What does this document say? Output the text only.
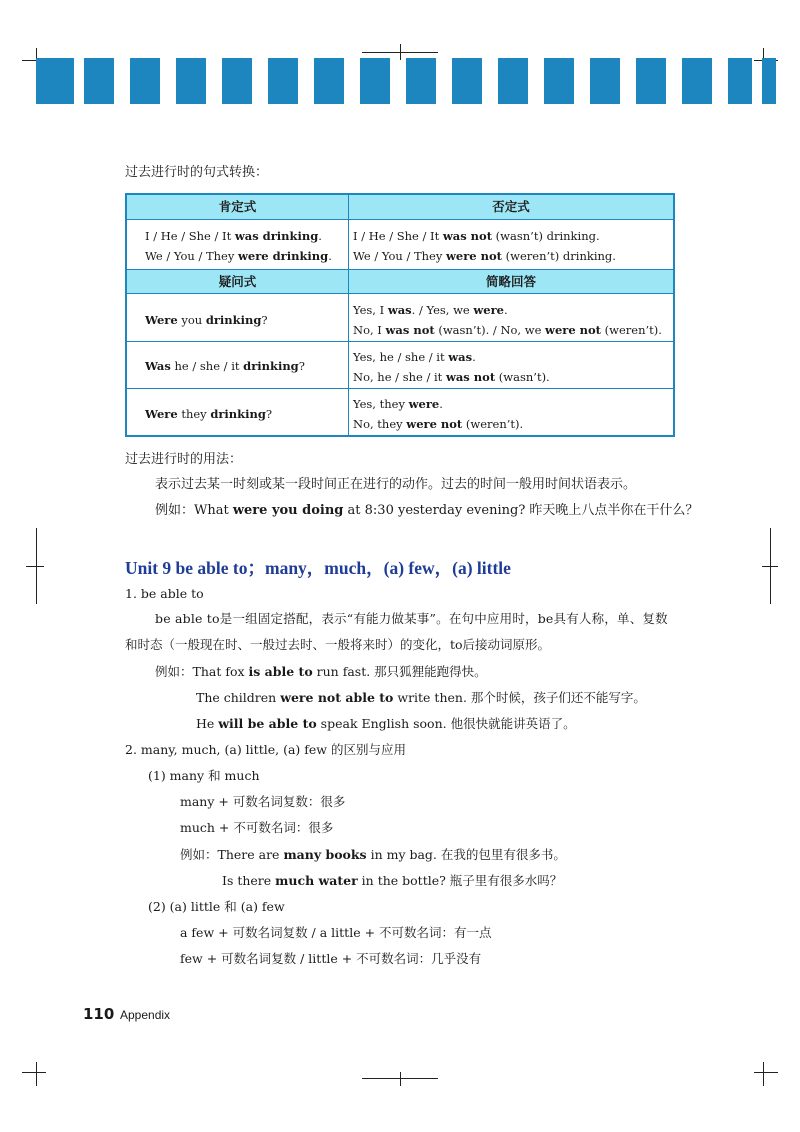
过去进行时的句式转换：
肯定式	否定式
疑问式	简略回答
I / He / She / It was drinking.
We / You / They were drinking.
I / He / She / It was not (wasn’t) drinking.
We / You / They were not (weren’t) drinking.
Were you drinking?
Yes, I was. / Yes, we were.
No, I was not (wasn’t). / No, we were not (weren’t).
Was he / she / it drinking?
Yes, he / she / it was.
No, he / she / it was not (wasn’t).
Were they drinking?
Yes, they were.
No, they were not (weren’t).
过去进行时的用法：
表示过去某一时刻或某一段时间正在进行的动作。过去的时间一般用时间状语表示。
例如：What were you doing at 8:30 yesterday evening? 昨天晚上八点半你在干什么？
Unit 9 be able to；many，much，(a) few，(a) little
1. be able to
be able to是一组固定搭配，表示“有能力做某事”。在句中应用时，be具有人称，单、复数
和时态（一般现在时、一般过去时、一般将来时）的变化，to后接动词原形。
例如：That fox is able to run fast. 那只狐狸能跑得快。
The children were not able to write then. 那个时候，孩子们还不能写字。
He will be able to speak English soon. 他很快就能讲英语了。
2. many, much, (a) little, (a) few 的区别与应用
(1) many 和 much
many + 可数名词复数：很多
much + 不可数名词：很多
例如：There are many books in my bag. 在我的包里有很多书。
Is there much water in the bottle? 瓶子里有很多水吗？
(2) (a) little 和 (a) few
a few + 可数名词复数 / a little + 不可数名词：有一点
few + 可数名词复数 / little + 不可数名词：几乎没有
110 Appendix
